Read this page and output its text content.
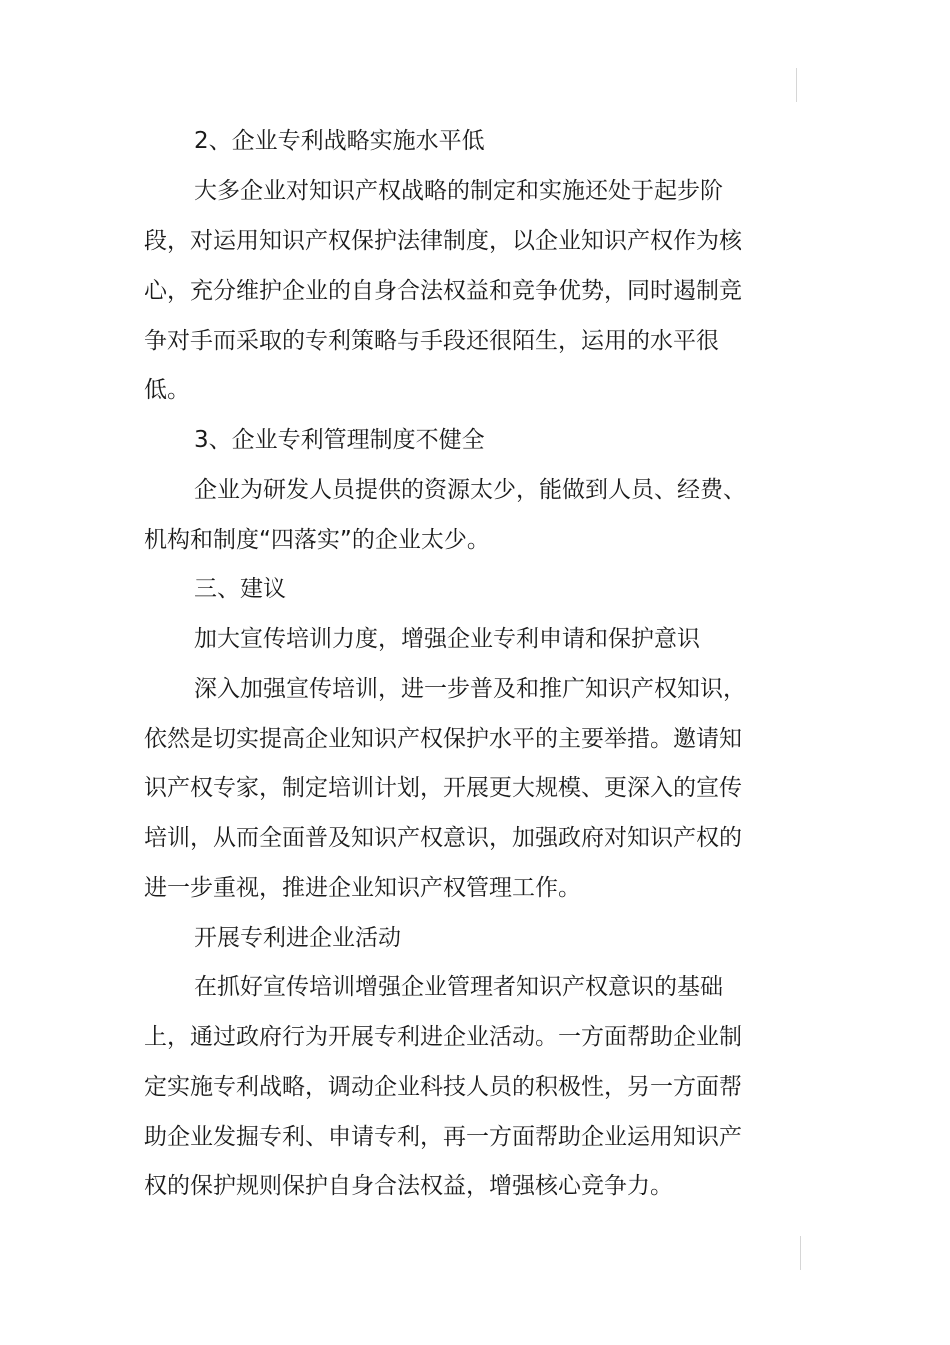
2、企业专利战略实施水平低
大多企业对知识产权战略的制定和实施还处于起步阶
段，对运用知识产权保护法律制度，以企业知识产权作为核
心，充分维护企业的自身合法权益和竞争优势，同时遏制竞
争对手而采取的专利策略与手段还很陌生，运用的水平很
低。
3、企业专利管理制度不健全
企业为研发人员提供的资源太少，能做到人员、经费、
机构和制度“四落实”的企业太少。
三、建议
加大宣传培训力度，增强企业专利申请和保护意识
深入加强宣传培训，进一步普及和推广知识产权知识，
依然是切实提高企业知识产权保护水平的主要举措。邀请知
识产权专家，制定培训计划，开展更大规模、更深入的宣传
培训，从而全面普及知识产权意识，加强政府对知识产权的
进一步重视，推进企业知识产权管理工作。
开展专利进企业活动
在抓好宣传培训增强企业管理者知识产权意识的基础
上，通过政府行为开展专利进企业活动。一方面帮助企业制
定实施专利战略，调动企业科技人员的积极性，另一方面帮
助企业发掘专利、申请专利，再一方面帮助企业运用知识产
权的保护规则保护自身合法权益，增强核心竞争力。
